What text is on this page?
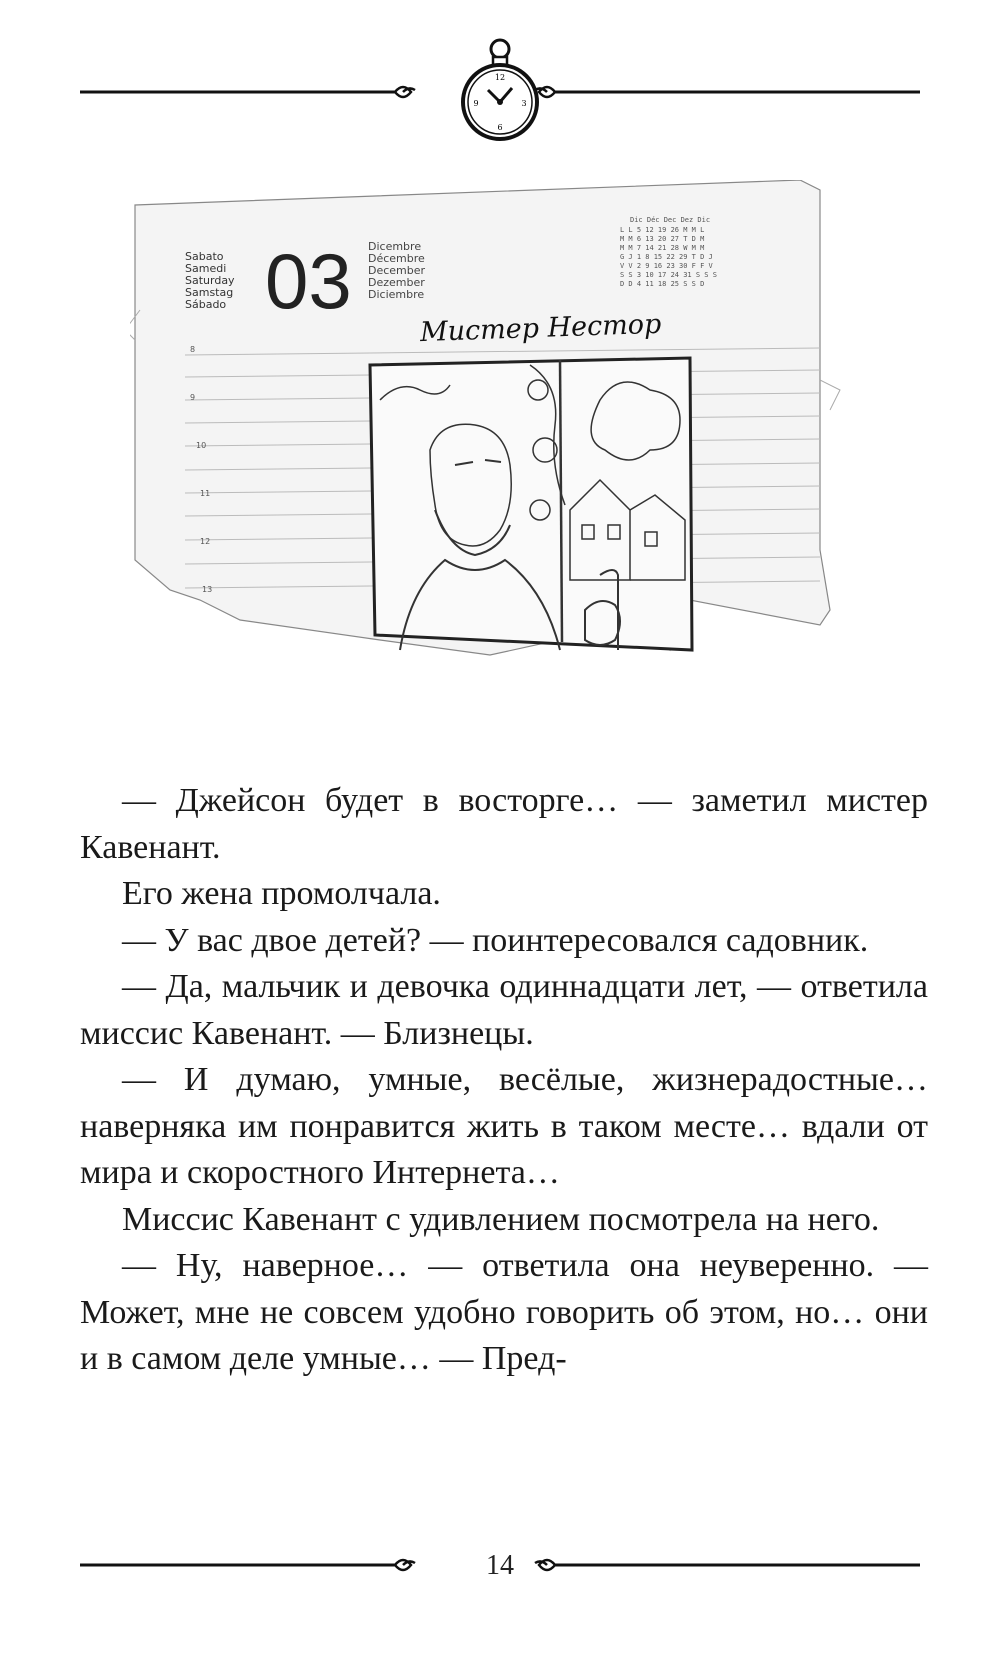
12
3
6
9
Sabato
Samedi
Saturday
Samstag
Sábado 03 Dicembre
Décembre
December
Dezember
Diciembre
Dic Déc Dec Dez Dic
L L 5 12 19 26 M M L
M M 6 13 20 27 T D M
M M 7 14 21 28 W M M
G J 1 8 15 22 29 T D J
V V 2 9 16 23 30 F F V
S S 3 10 17 24 31 S S S
D D 4 11 18 25 S S D
Мистер Нестор
8
9
10
11
12
13

— Джейсон будет в восторге… — заметил мистер Кавенант.

Его жена промолчала.

— У вас двое детей? — поинтересовался садовник.

— Да, мальчик и девочка одиннадцати лет, — ответила миссис Кавенант. — Близнецы.

— И думаю, умные, весёлые, жизнерадостные… наверняка им понравится жить в таком месте… вдали от мира и скоростного Интернета…

Миссис Кавенант с удивлением посмотрела на него.

— Ну, наверное… — ответила она неуверенно. — Может, мне не совсем удобно говорить об этом, но… они и в самом деле умные… — Пред-

14
